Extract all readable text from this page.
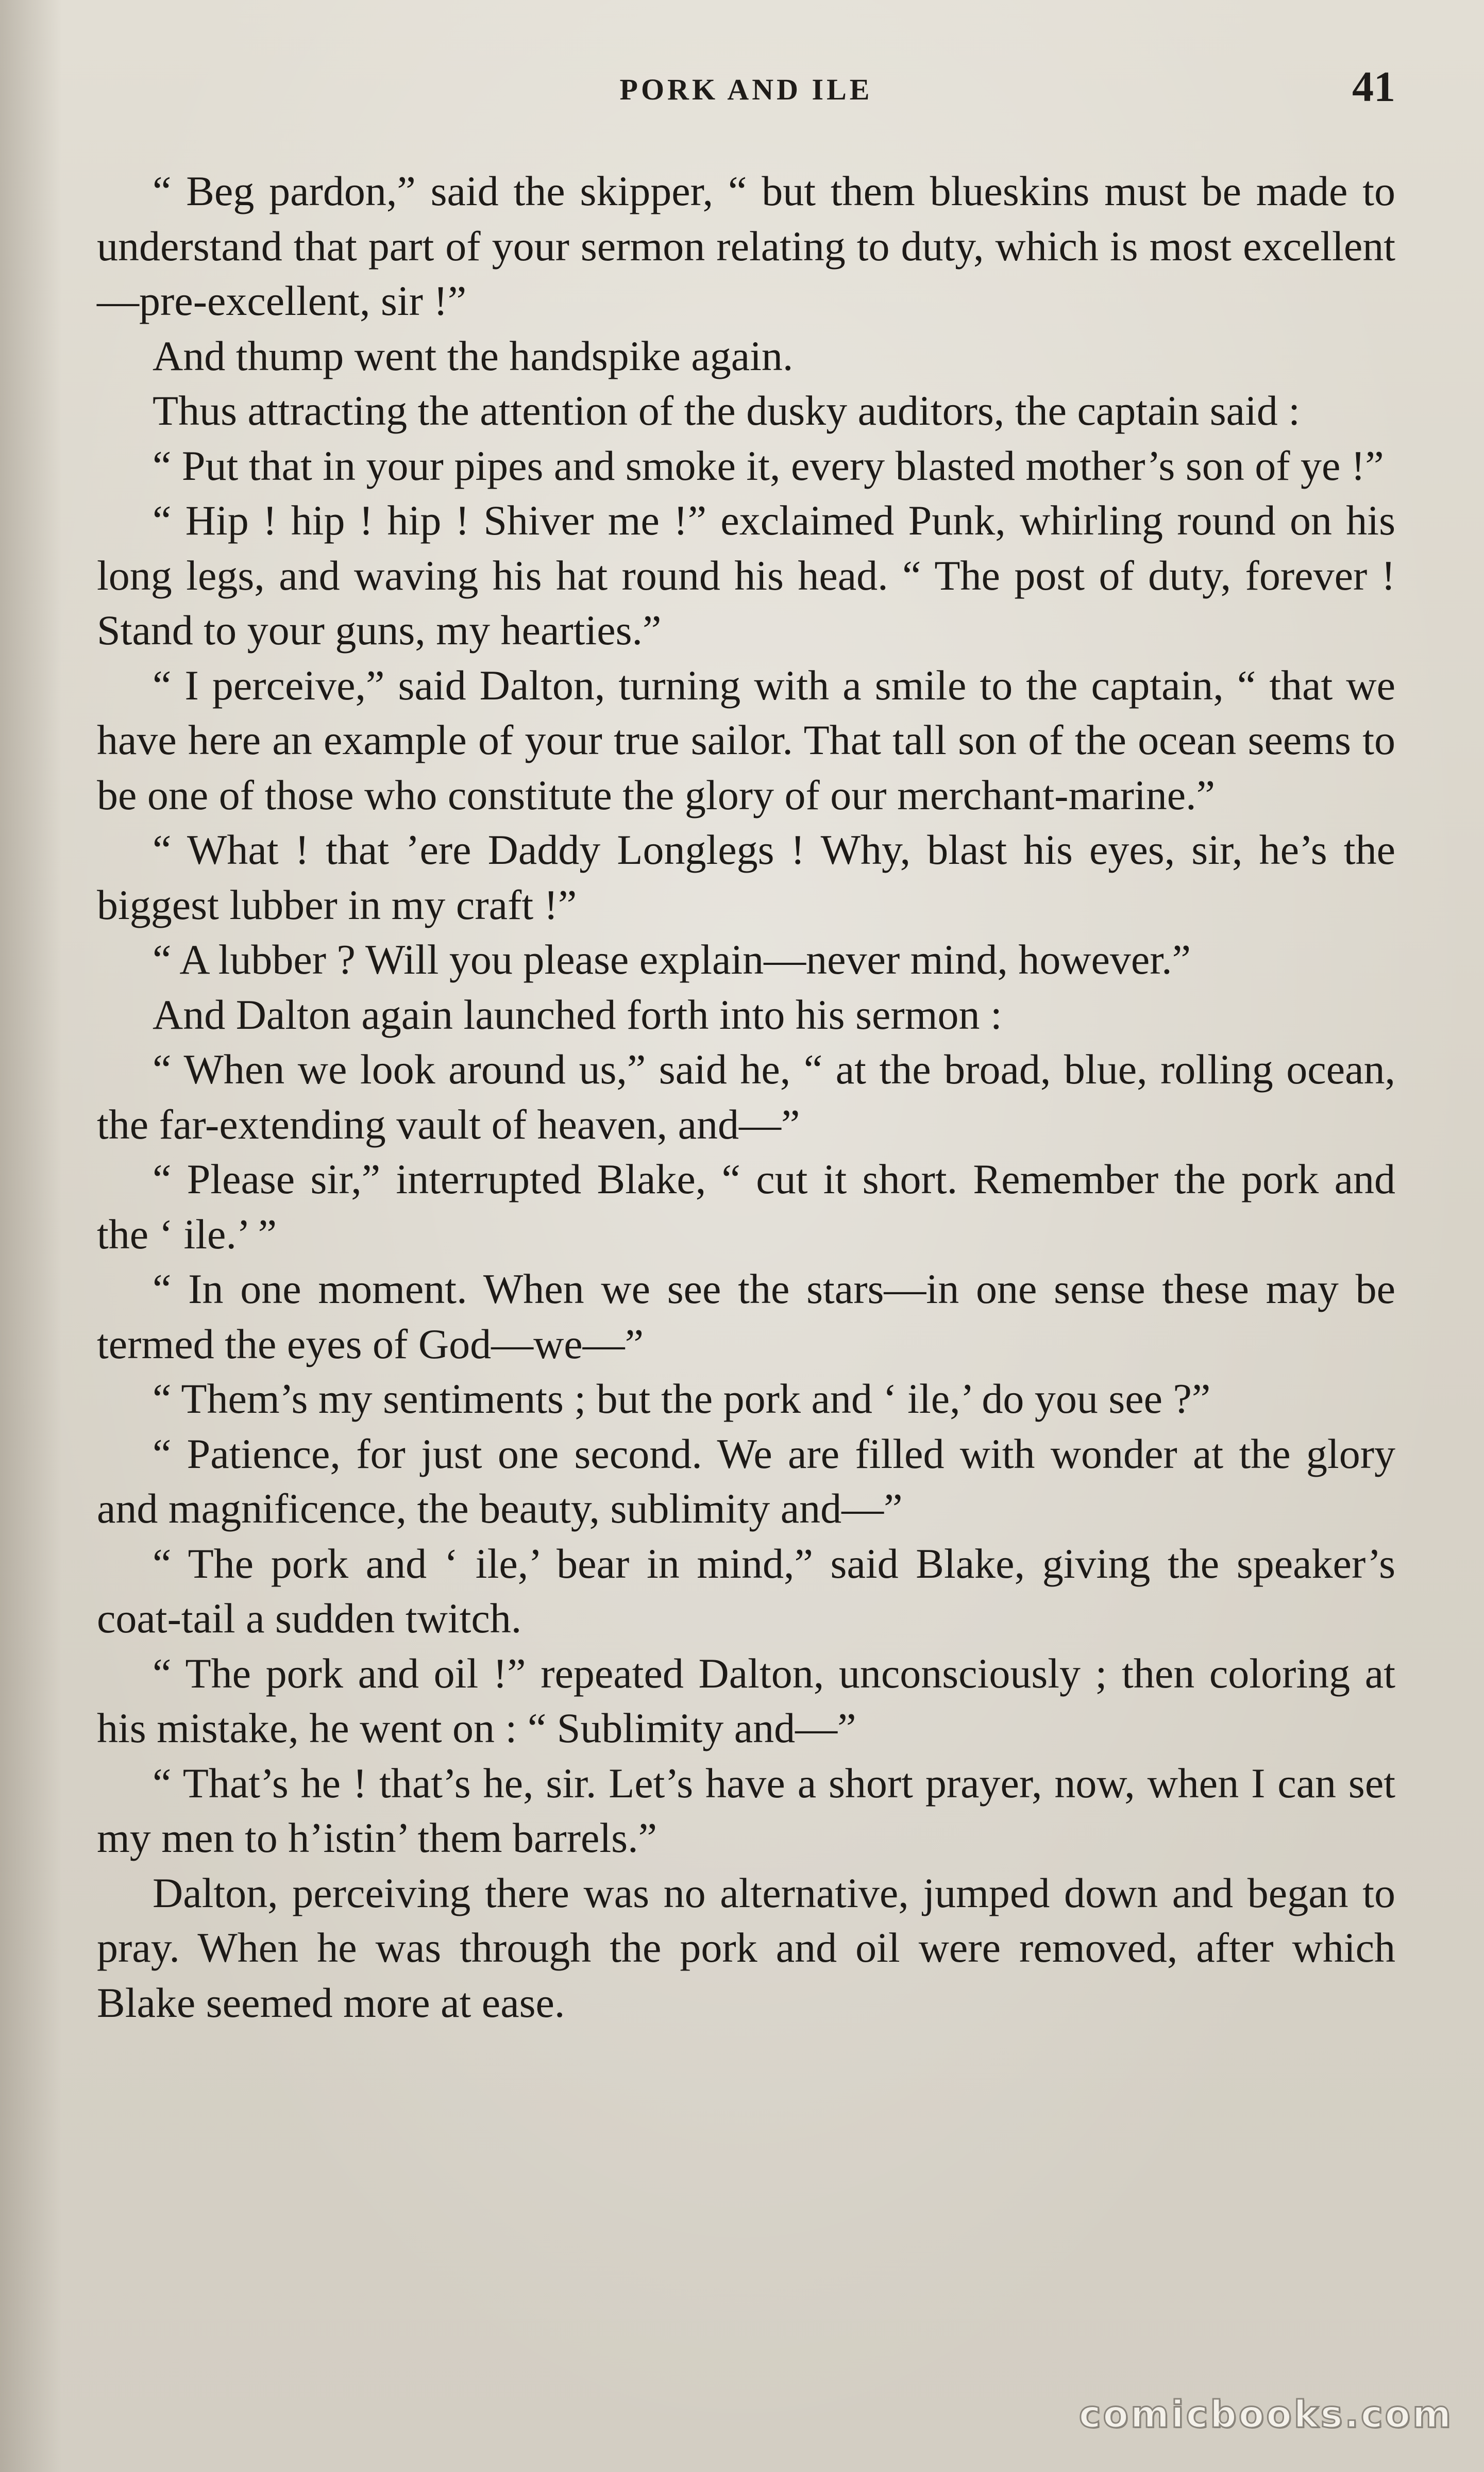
PORK AND ILE	41

“ Beg pardon,” said the skipper, “ but them blueskins must be made to understand that part of your sermon relating to duty, which is most excellent—pre-excellent, sir !”

And thump went the handspike again.

Thus attracting the attention of the dusky auditors, the captain said :

“ Put that in your pipes and smoke it, every blasted mother’s son of ye !”

“ Hip ! hip ! hip ! Shiver me !” exclaimed Punk, whirling round on his long legs, and waving his hat round his head. “ The post of duty, forever ! Stand to your guns, my hearties.”

“ I perceive,” said Dalton, turning with a smile to the captain, “ that we have here an example of your true sailor. That tall son of the ocean seems to be one of those who constitute the glory of our merchant-marine.”

“ What ! that ’ere Daddy Longlegs ! Why, blast his eyes, sir, he’s the biggest lubber in my craft !”

“ A lubber ? Will you please explain—never mind, however.”

And Dalton again launched forth into his sermon :

“ When we look around us,” said he, “ at the broad, blue, rolling ocean, the far-extending vault of heaven, and—”

“ Please sir,” interrupted Blake, “ cut it short. Remember the pork and the ‘ ile.’ ”

“ In one moment. When we see the stars—in one sense these may be termed the eyes of God—we—”

“ Them’s my sentiments ; but the pork and ‘ ile,’ do you see ?”

“ Patience, for just one second. We are filled with wonder at the glory and magnificence, the beauty, sublimity and—”

“ The pork and ‘ ile,’ bear in mind,” said Blake, giving the speaker’s coat-tail a sudden twitch.

“ The pork and oil !” repeated Dalton, unconsciously ; then coloring at his mistake, he went on : “ Sublimity and—”

“ That’s he ! that’s he, sir. Let’s have a short prayer, now, when I can set my men to h’istin’ them barrels.”

Dalton, perceiving there was no alternative, jumped down and began to pray. When he was through the pork and oil were removed, after which Blake seemed more at ease.

comicbooks.com
